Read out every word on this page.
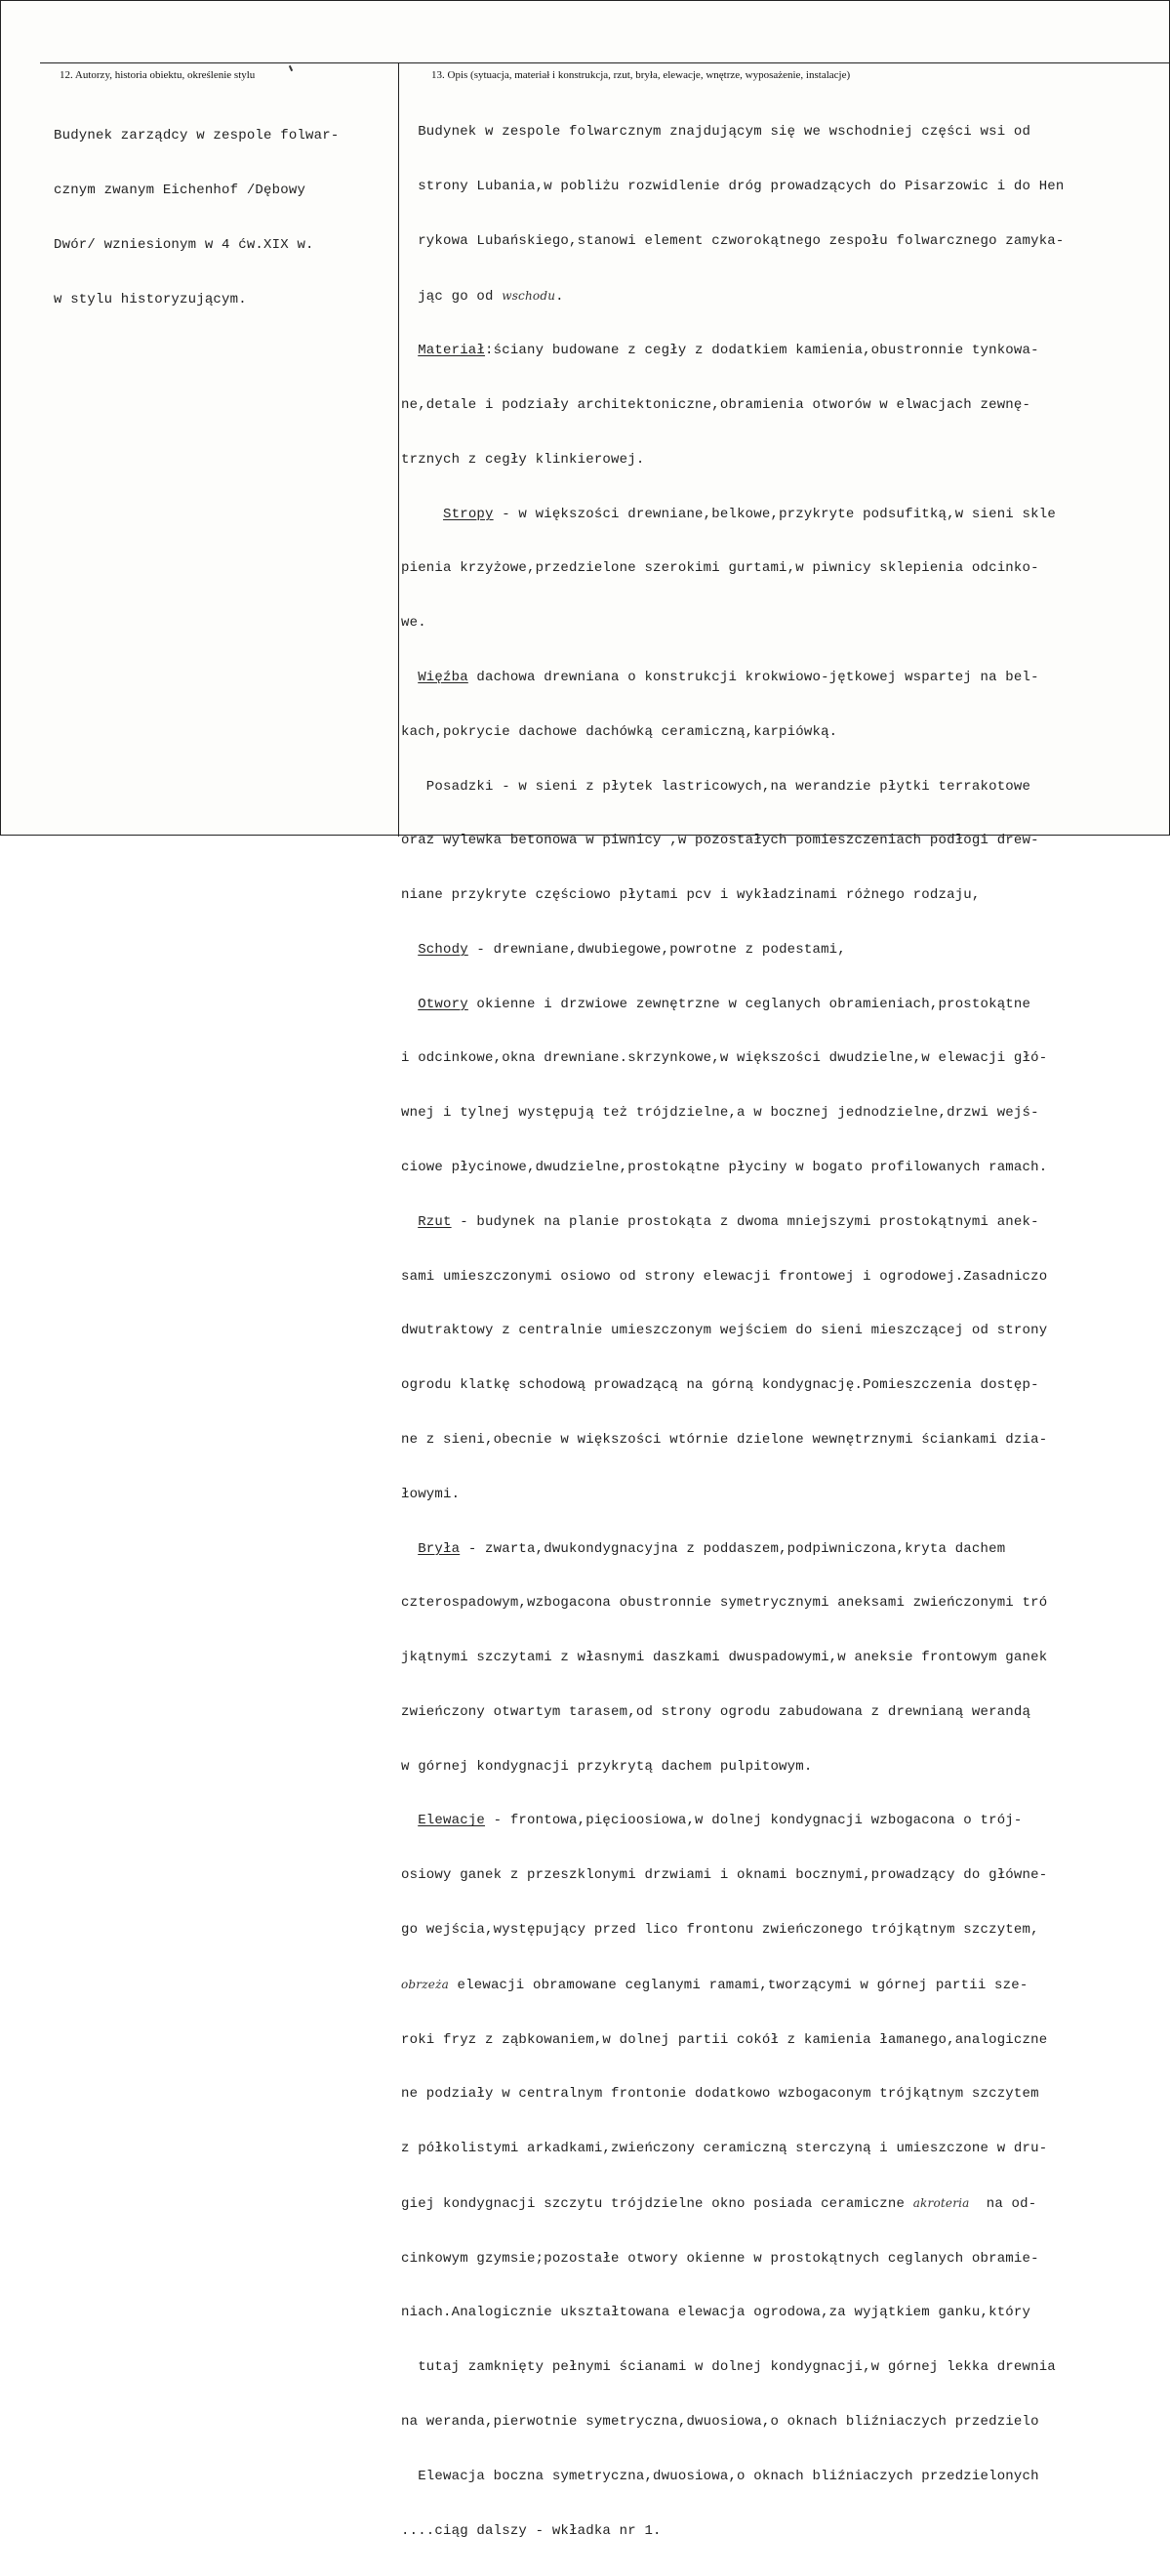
12. Autorzy, historia obiektu, określenie stylu	13. Opis (sytuacja, materiał i konstrukcja, rzut, bryła, elewacje, wnętrze, wyposażenie, instalacje)

Budynek zarządcy w zespole folwar-

cznym zwanym Eichenhof /Dębowy

Dwór/ wzniesionym w 4 ćw.XIX w.

w stylu historyzującym.

Budynek w zespole folwarcznym znajdującym się we wschodniej części wsi od

strony Lubania,w pobliżu rozwidlenie dróg prowadzących do Pisarzowic i do Hen

rykowa Lubańskiego,stanowi element czworokątnego zespołu folwarcznego zamyka-

jąc go od wschodu.

Materiał:ściany budowane z cegły z dodatkiem kamienia,obustronnie tynkowa-

ne,detale i podziały architektoniczne,obramienia otworów w elwacjach zewnę-

trznych z cegły klinkierowej.

Stropy - w większości drewniane,belkowe,przykryte podsufitką,w sieni skle

pienia krzyżowe,przedzielone szerokimi gurtami,w piwnicy sklepienia odcinko-

we.

Więźba dachowa drewniana o konstrukcji krokwiowo-jętkowej wspartej na bel-

kach,pokrycie dachowe dachówką ceramiczną,karpiówką.

Posadzki - w sieni z płytek lastricowych,na werandzie płytki terrakotowe

oraz wylewka betonowa w piwnicy ,w pozostałych pomieszczeniach podłogi drew-

niane przykryte częściowo płytami pcv i wykładzinami różnego rodzaju,

Schody - drewniane,dwubiegowe,powrotne z podestami,

Otwory okienne i drzwiowe zewnętrzne w ceglanych obramieniach,prostokątne

i odcinkowe,okna drewniane.skrzynkowe,w większości dwudzielne,w elewacji głó-

wnej i tylnej występują też trójdzielne,a w bocznej jednodzielne,drzwi wejś-

ciowe płycinowe,dwudzielne,prostokątne płyciny w bogato profilowanych ramach.

Rzut - budynek na planie prostokąta z dwoma mniejszymi prostokątnymi anek-

sami umieszczonymi osiowo od strony elewacji frontowej i ogrodowej.Zasadniczo

dwutraktowy z centralnie umieszczonym wejściem do sieni mieszczącej od strony

ogrodu klatkę schodową prowadzącą na górną kondygnację.Pomieszczenia dostęp-

ne z sieni,obecnie w większości wtórnie dzielone wewnętrznymi ściankami dzia-

łowymi.

Bryła - zwarta,dwukondygnacyjna z poddaszem,podpiwniczona,kryta dachem

czterospadowym,wzbogacona obustronnie symetrycznymi aneksami zwieńczonymi tró

jkątnymi szczytami z własnymi daszkami dwuspadowymi,w aneksie frontowym ganek

zwieńczony otwartym tarasem,od strony ogrodu zabudowana z drewnianą werandą

w górnej kondygnacji przykrytą dachem pulpitowym.

Elewacje - frontowa,pięcioosiowa,w dolnej kondygnacji wzbogacona o trój-

osiowy ganek z przeszklonymi drzwiami i oknami bocznymi,prowadzący do główne-

go wejścia,występujący przed lico frontonu zwieńczonego trójkątnym szczytem,

obrzeża elewacji obramowane ceglanymi ramami,tworzącymi w górnej partii sze-

roki fryz z ząbkowaniem,w dolnej partii cokół z kamienia łamanego,analogiczne

ne podziały w centralnym frontonie dodatkowo wzbogaconym trójkątnym szczytem

z półkolistymi arkadkami,zwieńczony ceramiczną sterczyną i umieszczone w dru-

giej kondygnacji szczytu trójdzielne okno posiada ceramiczne akroteria  na od-

cinkowym gzymsie;pozostałe otwory okienne w prostokątnych ceglanych obramie-

niach.Analogicznie ukształtowana elewacja ogrodowa,za wyjątkiem ganku,który

tutaj zamknięty pełnymi ścianami w dolnej kondygnacji,w górnej lekka drewnia

na weranda,pierwotnie symetryczna,dwuosiowa,o oknach bliźniaczych przedzielo

Elewacja boczna symetryczna,dwuosiowa,o oknach bliźniaczych przedzielonych

....ciąg dalszy - wkładka nr 1.
